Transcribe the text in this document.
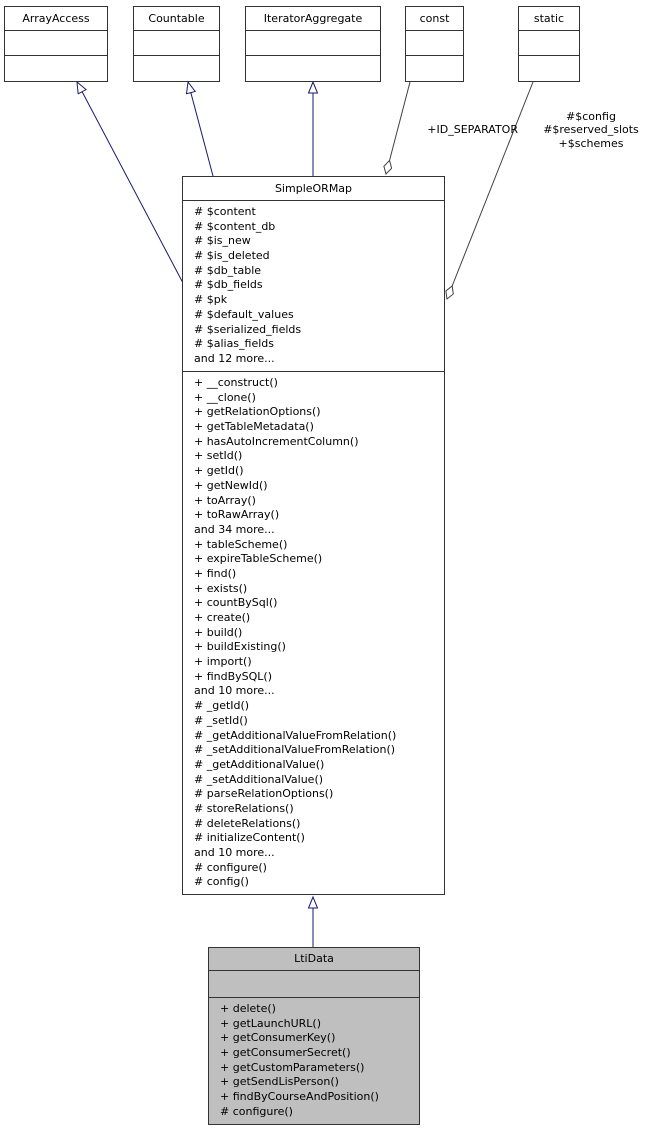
+ID_SEPARATOR
#$config
#$reserved_slots
+$schemes
ArrayAccess	Countable	IteratorAggregate	const	static
SimpleORMap
# $content
# $content_db
# $is_new
# $is_deleted
# $db_table
# $db_fields
# $pk
# $default_values
# $serialized_fields
# $alias_fields
and 12 more...
+ __construct()
+ __clone()
+ getRelationOptions()
+ getTableMetadata()
+ hasAutoIncrementColumn()
+ setId()
+ getId()
+ getNewId()
+ toArray()
+ toRawArray()
and 34 more...
+ tableScheme()
+ expireTableScheme()
+ find()
+ exists()
+ countBySql()
+ create()
+ build()
+ buildExisting()
+ import()
+ findBySQL()
and 10 more...
# _getId()
# _setId()
# _getAdditionalValueFromRelation()
# _setAdditionalValueFromRelation()
# _getAdditionalValue()
# _setAdditionalValue()
# parseRelationOptions()
# storeRelations()
# deleteRelations()
# initializeContent()
and 10 more...
# configure()
# config()
LtiData
+ delete()
+ getLaunchURL()
+ getConsumerKey()
+ getConsumerSecret()
+ getCustomParameters()
+ getSendLisPerson()
+ findByCourseAndPosition()
# configure()
